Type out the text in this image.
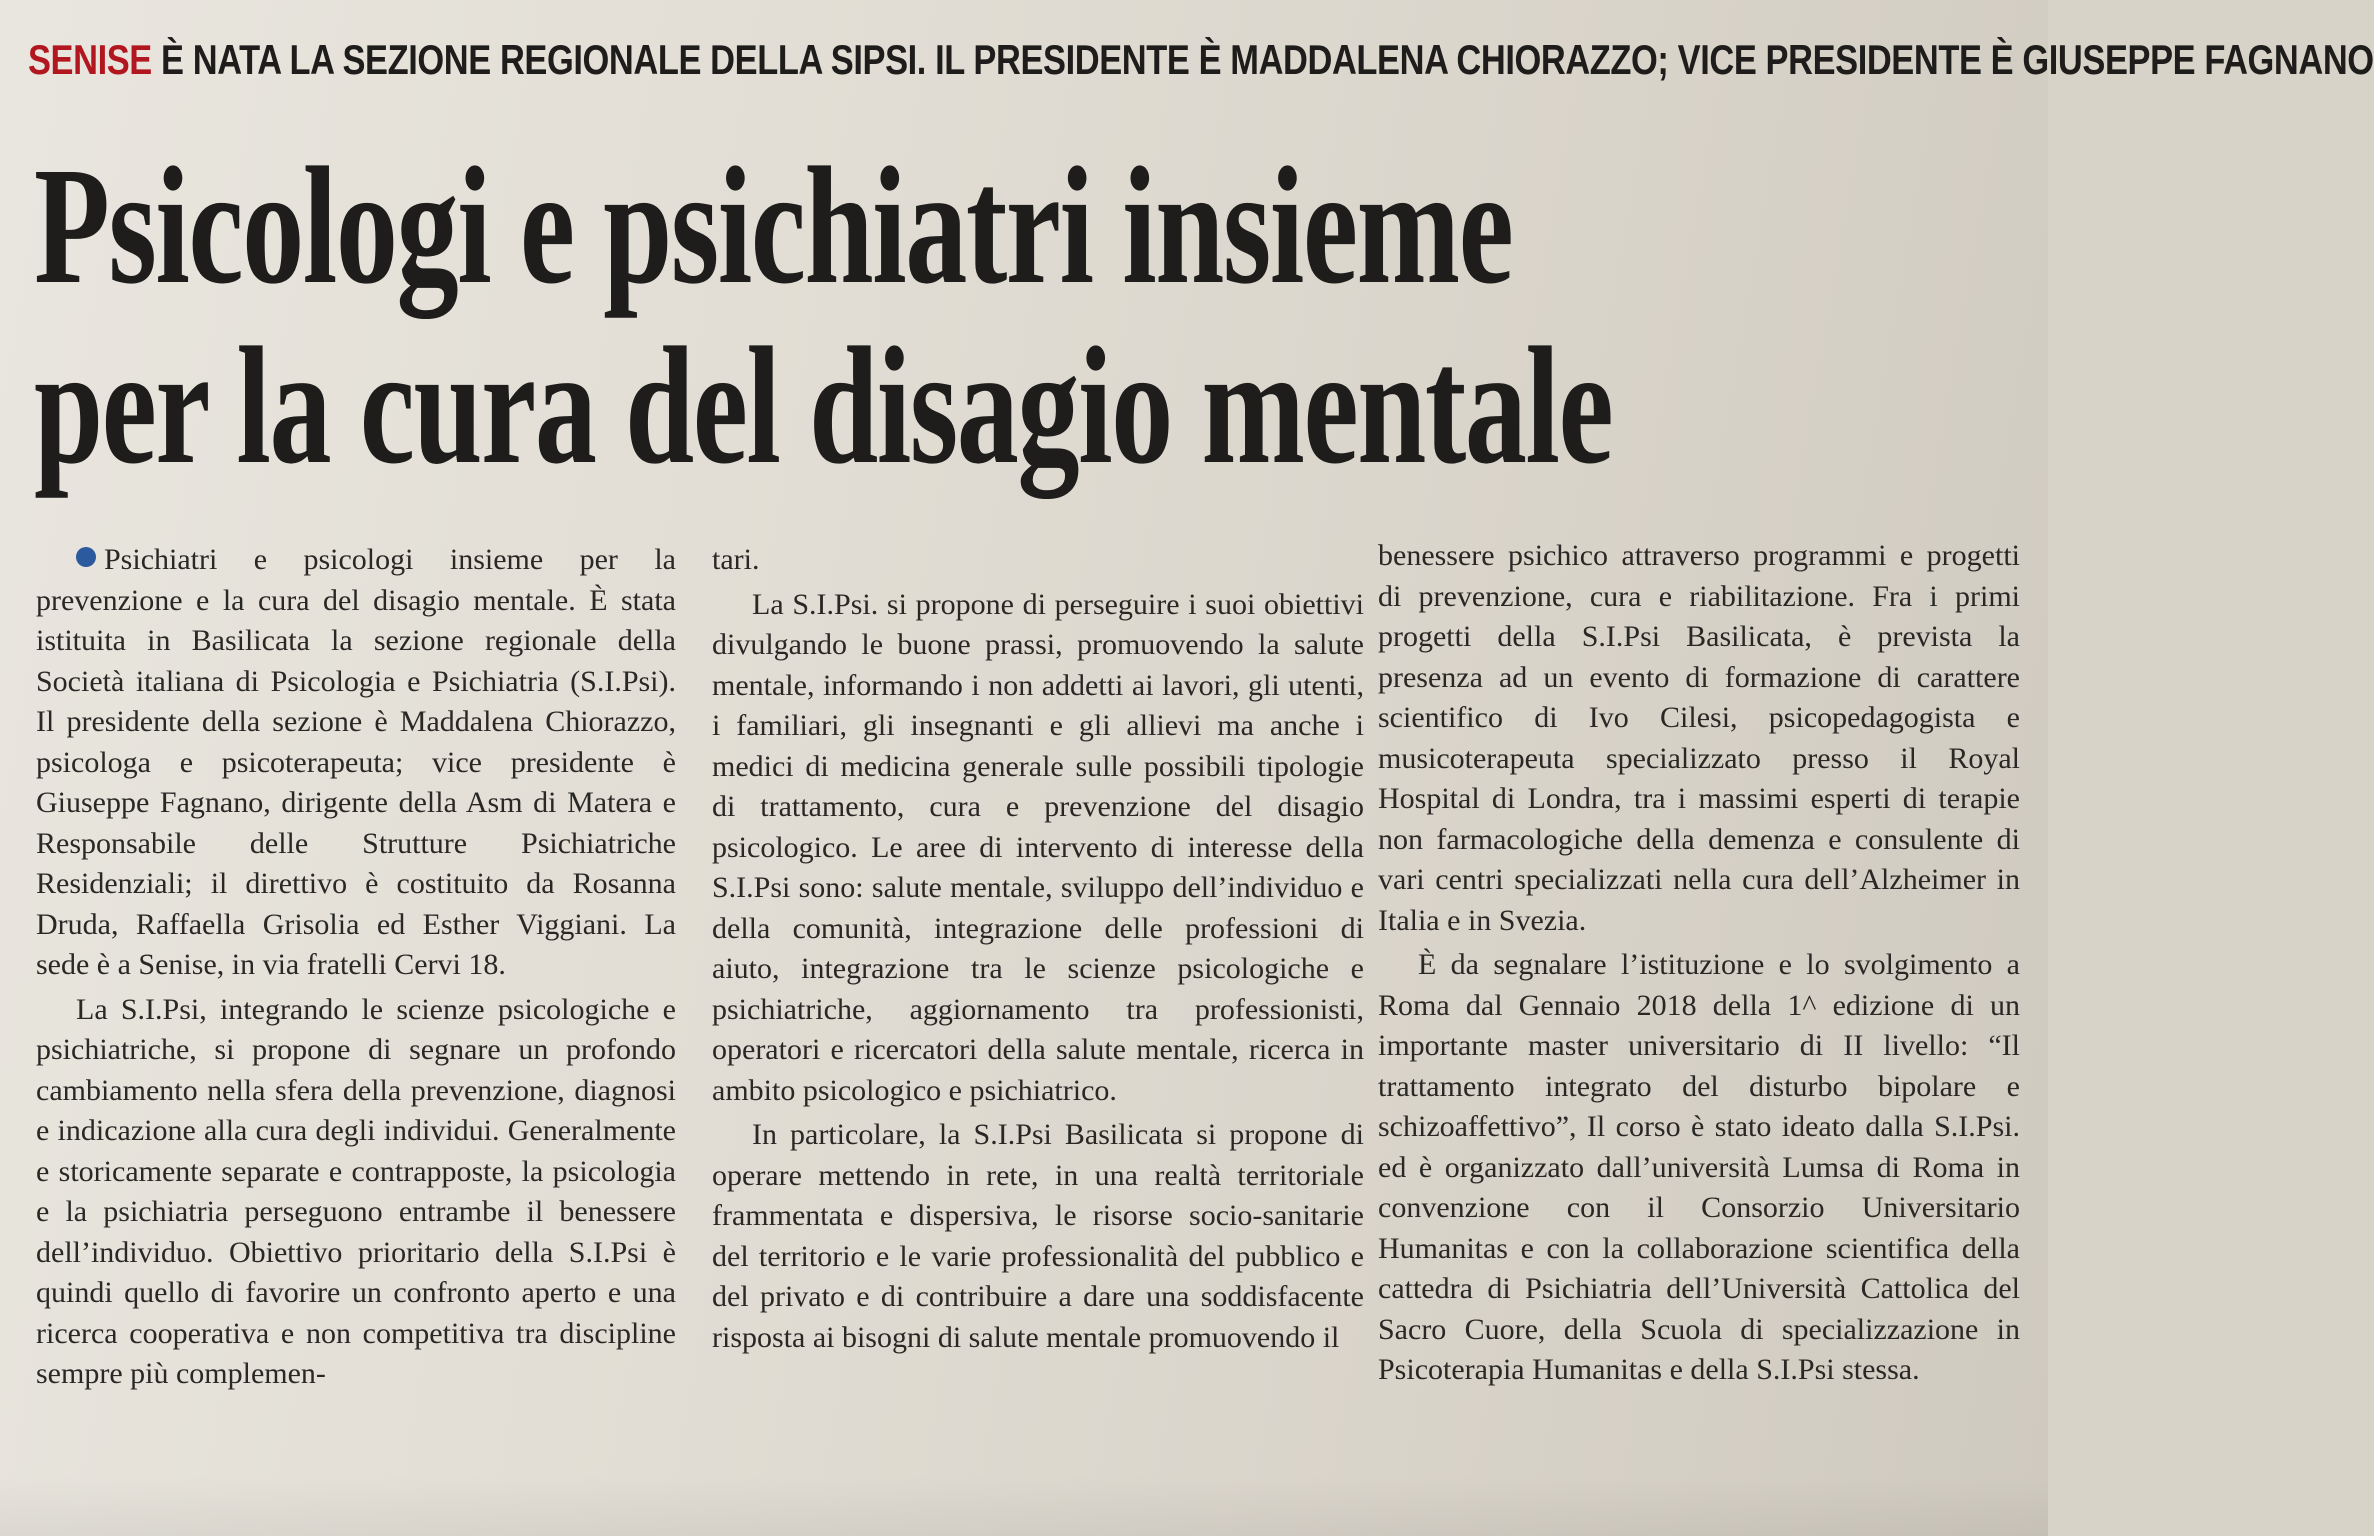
SENISE È NATA LA SEZIONE REGIONALE DELLA SIPSI. IL PRESIDENTE È MADDALENA CHIORAZZO; VICE PRESIDENTE È GIUSEPPE FAGNANO
Psicologi e psichiatri insieme
per la cura del disagio mentale

Psichiatri e psicologi insieme per la prevenzione e la cura del disagio mentale. È stata istituita in Basilicata la sezione regionale della Società italiana di Psicologia e Psichiatria (S.I.Psi). Il presidente della sezione è Maddalena Chiorazzo, psicologa e psicoterapeuta; vice presidente è Giuseppe Fagnano, dirigente della Asm di Matera e Responsabile delle Strutture Psichiatriche Residenziali; il direttivo è costituito da Rosanna Druda, Raffaella Grisolia ed Esther Viggiani. La sede è a Senise, in via fratelli Cervi 18.

La S.I.Psi, integrando le scienze psicologiche e psichiatriche, si propone di segnare un profondo cambiamento nella sfera della prevenzione, diagnosi e indicazione alla cura degli individui. Generalmente e storicamente separate e contrapposte, la psicologia e la psichiatria perseguono entrambe il benessere dell’individuo. Obiettivo prioritario della S.I.Psi è quindi quello di favorire un confronto aperto e una ricerca cooperativa e non competitiva tra discipline sempre più complemen-

tari.

La S.I.Psi. si propone di perseguire i suoi obiettivi divulgando le buone prassi, promuovendo la salute mentale, informando i non addetti ai lavori, gli utenti, i familiari, gli insegnanti e gli allievi ma anche i medici di medicina generale sulle possibili tipologie di trattamento, cura e prevenzione del disagio psicologico. Le aree di intervento di interesse della S.I.Psi sono: salute mentale, sviluppo dell’individuo e della comunità, integrazione delle professioni di aiuto, integrazione tra le scienze psicologiche e psichiatriche, aggiornamento tra professionisti, operatori e ricercatori della salute mentale, ricerca in ambito psicologico e psichiatrico.

In particolare, la S.I.Psi Basilicata si propone di operare mettendo in rete, in una realtà territoriale frammentata e dispersiva, le risorse socio-sanitarie del territorio e le varie professionalità del pubblico e del privato e di contribuire a dare una soddisfacente risposta ai bisogni di salute mentale promuovendo il

benessere psichico attraverso programmi e progetti di prevenzione, cura e riabilitazione. Fra i primi progetti della S.I.Psi Basilicata, è prevista la presenza ad un evento di formazione di carattere scientifico di Ivo Cilesi, psicopedagogista e musicoterapeuta specializzato presso il Royal Hospital di Londra, tra i massimi esperti di terapie non farmacologiche della demenza e consulente di vari centri specializzati nella cura dell’Alzheimer in Italia e in Svezia.

È da segnalare l’istituzione e lo svolgimento a Roma dal Gennaio 2018 della 1^ edizione di un importante master universitario di II livello: “Il trattamento integrato del disturbo bipolare e schizoaffettivo”, Il corso è stato ideato dalla S.I.Psi. ed è organizzato dall’università Lumsa di Roma in convenzione con il Consorzio Universitario Humanitas e con la collaborazione scientifica della cattedra di Psichiatria dell’Università Cattolica del Sacro Cuore, della Scuola di specializzazione in Psicoterapia Humanitas e della S.I.Psi stessa.
